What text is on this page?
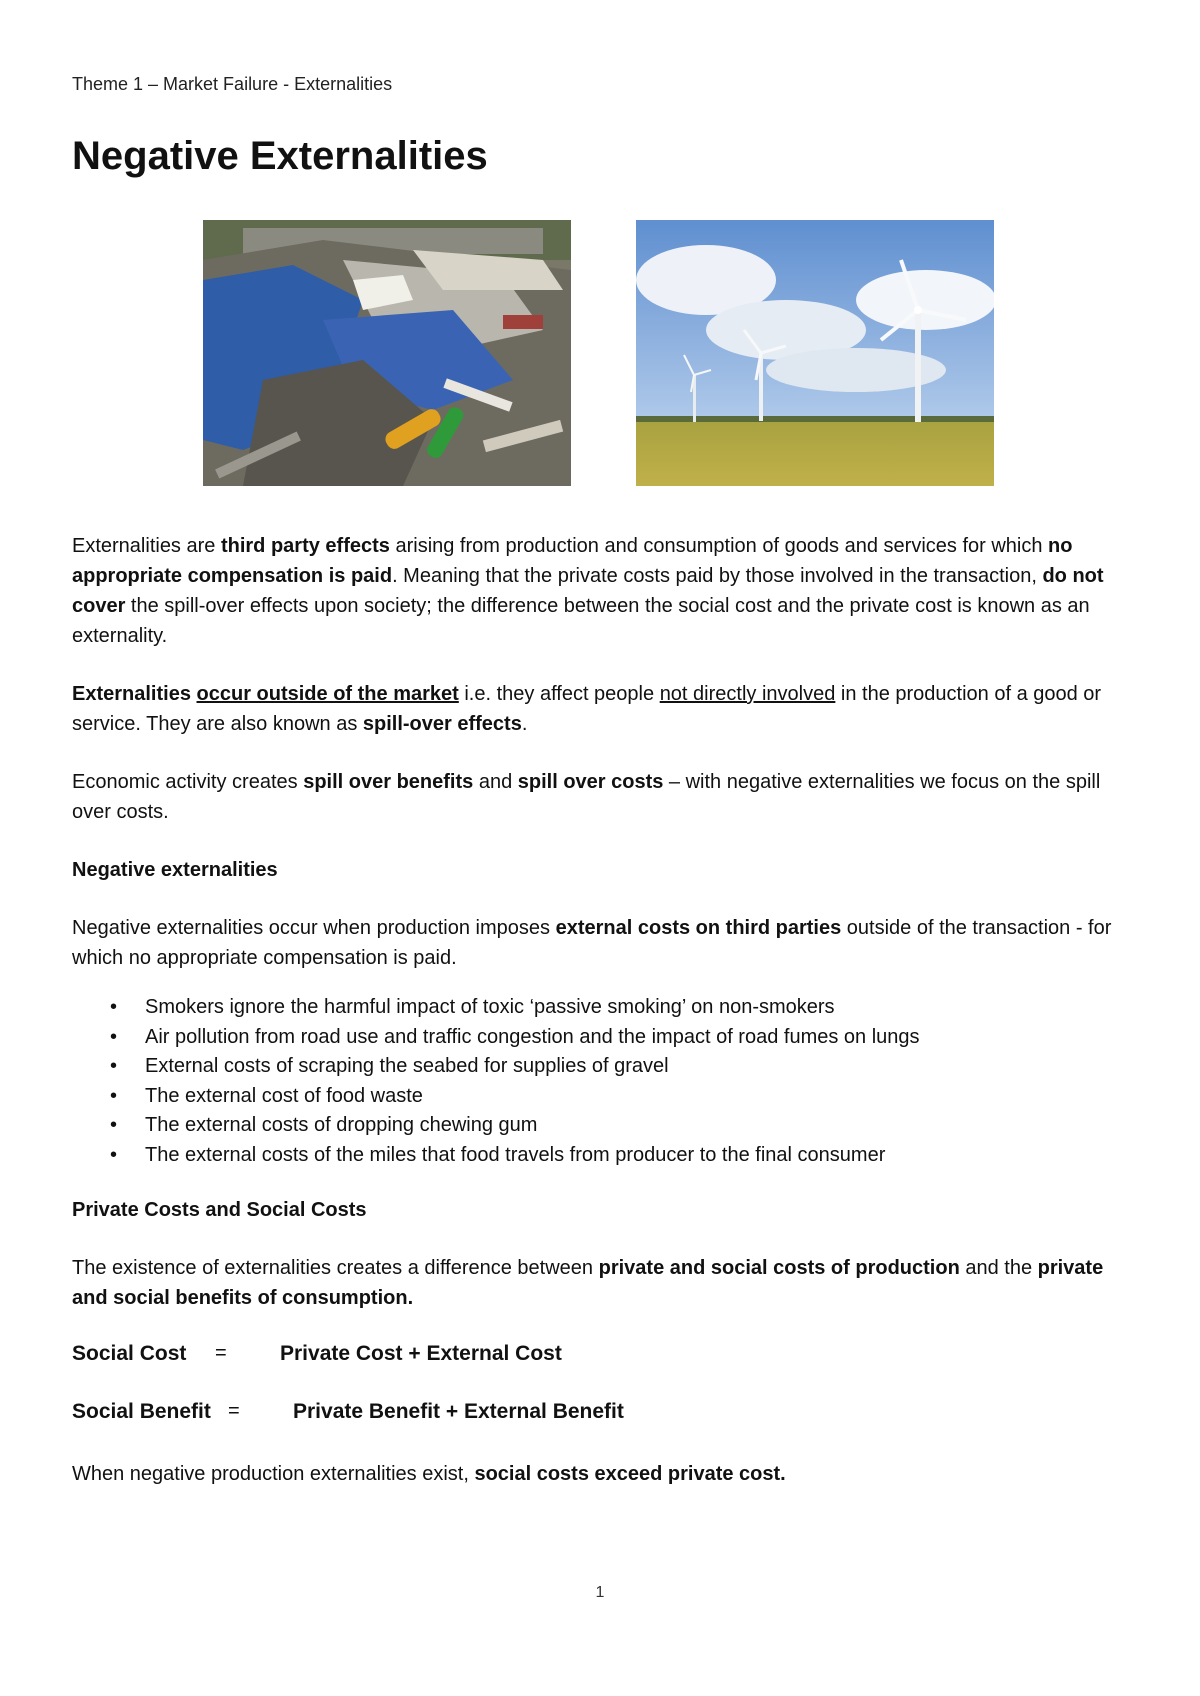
Theme 1 – Market Failure - Externalities
Negative Externalities

Externalities are third party effects arising from production and consumption of goods and services for which no appropriate compensation is paid. Meaning that the private costs paid by those involved in the transaction, do not cover the spill-over effects upon society; the difference between the social cost and the private cost is known as an externality.

Externalities occur outside of the market i.e. they affect people not directly involved in the production of a good or service. They are also known as spill-over effects.

Economic activity creates spill over benefits and spill over costs – with negative externalities we focus on the spill over costs.

Negative externalities

Negative externalities occur when production imposes external costs on third parties outside of the transaction - for which no appropriate compensation is paid.

• Smokers ignore the harmful impact of toxic ‘passive smoking’ on non-smokers
• Air pollution from road use and traffic congestion and the impact of road fumes on lungs
• External costs of scraping the seabed for supplies of gravel
• The external cost of food waste
• The external costs of dropping chewing gum
• The external costs of the miles that food travels from producer to the final consumer

Private Costs and Social Costs

The existence of externalities creates a difference between private and social costs of production and the private and social benefits of consumption.

Social Cost =	Private Cost + External Cost
Social Benefit =	Private Benefit + External Benefit

When negative production externalities exist, social costs exceed private cost.

1
